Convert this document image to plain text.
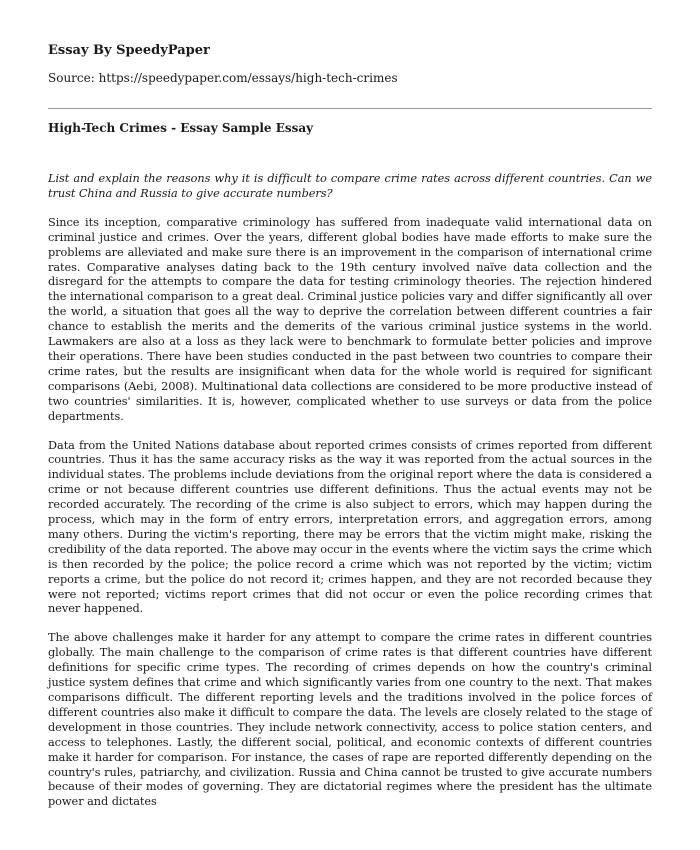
Essay By SpeedyPaper
Source: https://speedypaper.com/essays/high-tech-crimes
High-Tech Crimes - Essay Sample Essay

List and explain the reasons why it is difficult to compare crime rates across different countries. Can we trust China and Russia to give accurate numbers?

Since its inception, comparative criminology has suffered from inadequate valid international data on criminal justice and crimes. Over the years, different global bodies have made efforts to make sure the problems are alleviated and make sure there is an improvement in the comparison of international crime rates. Comparative analyses dating back to the 19th century involved naïve data collection and the disregard for the attempts to compare the data for testing criminology theories. The rejection hindered the international comparison to a great deal. Criminal justice policies vary and differ significantly all over the world, a situation that goes all the way to deprive the correlation between different countries a fair chance to establish the merits and the demerits of the various criminal justice systems in the world. Lawmakers are also at a loss as they lack were to benchmark to formulate better policies and improve their operations. There have been studies conducted in the past between two countries to compare their crime rates, but the results are insignificant when data for the whole world is required for significant comparisons (Aebi, 2008). Multinational data collections are considered to be more productive instead of two countries' similarities. It is, however, complicated whether to use surveys or data from the police departments.

Data from the United Nations database about reported crimes consists of crimes reported from different countries. Thus it has the same accuracy risks as the way it was reported from the actual sources in the individual states. The problems include deviations from the original report where the data is considered a crime or not because different countries use different definitions. Thus the actual events may not be recorded accurately. The recording of the crime is also subject to errors, which may happen during the process, which may in the form of entry errors, interpretation errors, and aggregation errors, among many others. During the victim's reporting, there may be errors that the victim might make, risking the credibility of the data reported. The above may occur in the events where the victim says the crime which is then recorded by the police; the police record a crime which was not reported by the victim; victim reports a crime, but the police do not record it; crimes happen, and they are not recorded because they were not reported; victims report crimes that did not occur or even the police recording crimes that never happened.

The above challenges make it harder for any attempt to compare the crime rates in different countries globally. The main challenge to the comparison of crime rates is that different countries have different definitions for specific crime types. The recording of crimes depends on how the country's criminal justice system defines that crime and which significantly varies from one country to the next. That makes comparisons difficult. The different reporting levels and the traditions involved in the police forces of different countries also make it difficult to compare the data. The levels are closely related to the stage of development in those countries. They include network connectivity, access to police station centers, and access to telephones. Lastly, the different social, political, and economic contexts of different countries make it harder for comparison. For instance, the cases of rape are reported differently depending on the country's rules, patriarchy, and civilization. Russia and China cannot be trusted to give accurate numbers because of their modes of governing. They are dictatorial regimes where the president has the ultimate power and dictates
